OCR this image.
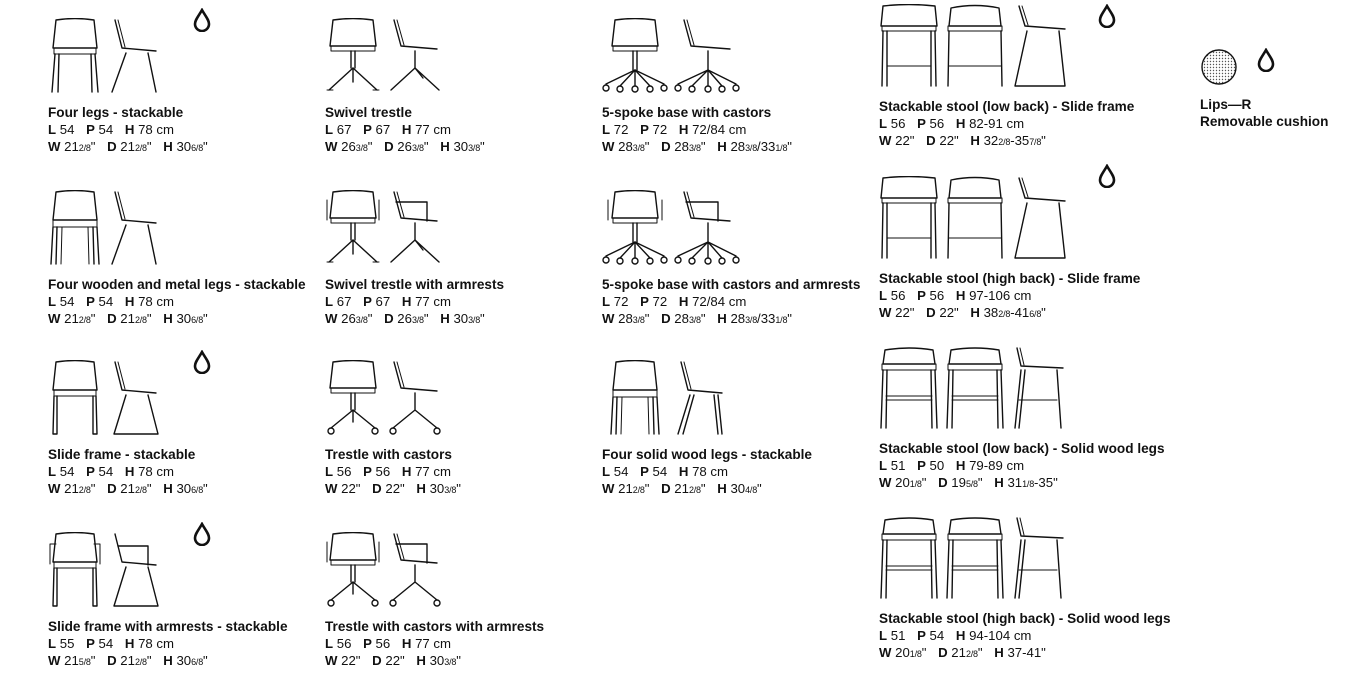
Four legs - stackable
L 54 P 54 H 78 cm
W 212/8" D 212/8" H 306/8"
Four wooden and metal legs - stackable
L 54 P 54 H 78 cm
W 212/8" D 212/8" H 306/8"
Slide frame - stackable
L 54 P 54 H 78 cm
W 212/8" D 212/8" H 306/8"
Slide frame with armrests - stackable
L 55 P 54 H 78 cm
W 215/8" D 212/8" H 306/8"
Swivel trestle
L 67 P 67 H 77 cm
W 263/8" D 263/8" H 303/8"
Swivel trestle with armrests
L 67 P 67 H 77 cm
W 263/8" D 263/8" H 303/8"
Trestle with castors
L 56 P 56 H 77 cm
W 22" D 22" H 303/8"
Trestle with castors with armrests
L 56 P 56 H 77 cm
W 22" D 22" H 303/8"
5-spoke base with castors
L 72 P 72 H 72/84 cm
W 283/8" D 283/8" H 283/8/331/8"
5-spoke base with castors and armrests
L 72 P 72 H 72/84 cm
W 283/8" D 283/8" H 283/8/331/8"
Four solid wood legs - stackable
L 54 P 54 H 78 cm
W 212/8" D 212/8" H 304/8"
Stackable stool (low back) - Slide frame
L 56 P 56 H 82-91 cm
W 22" D 22" H 322/8-357/8"
Stackable stool (high back) - Slide frame
L 56 P 56 H 97-106 cm
W 22" D 22" H 382/8-416/8"
Stackable stool (low back) - Solid wood legs
L 51 P 50 H 79-89 cm
W 201/8" D 195/8" H 311/8-35"
Stackable stool (high back) - Solid wood legs
L 51 P 54 H 94-104 cm
W 201/8" D 212/8" H 37-41"
Lips—R
Removable cushion
